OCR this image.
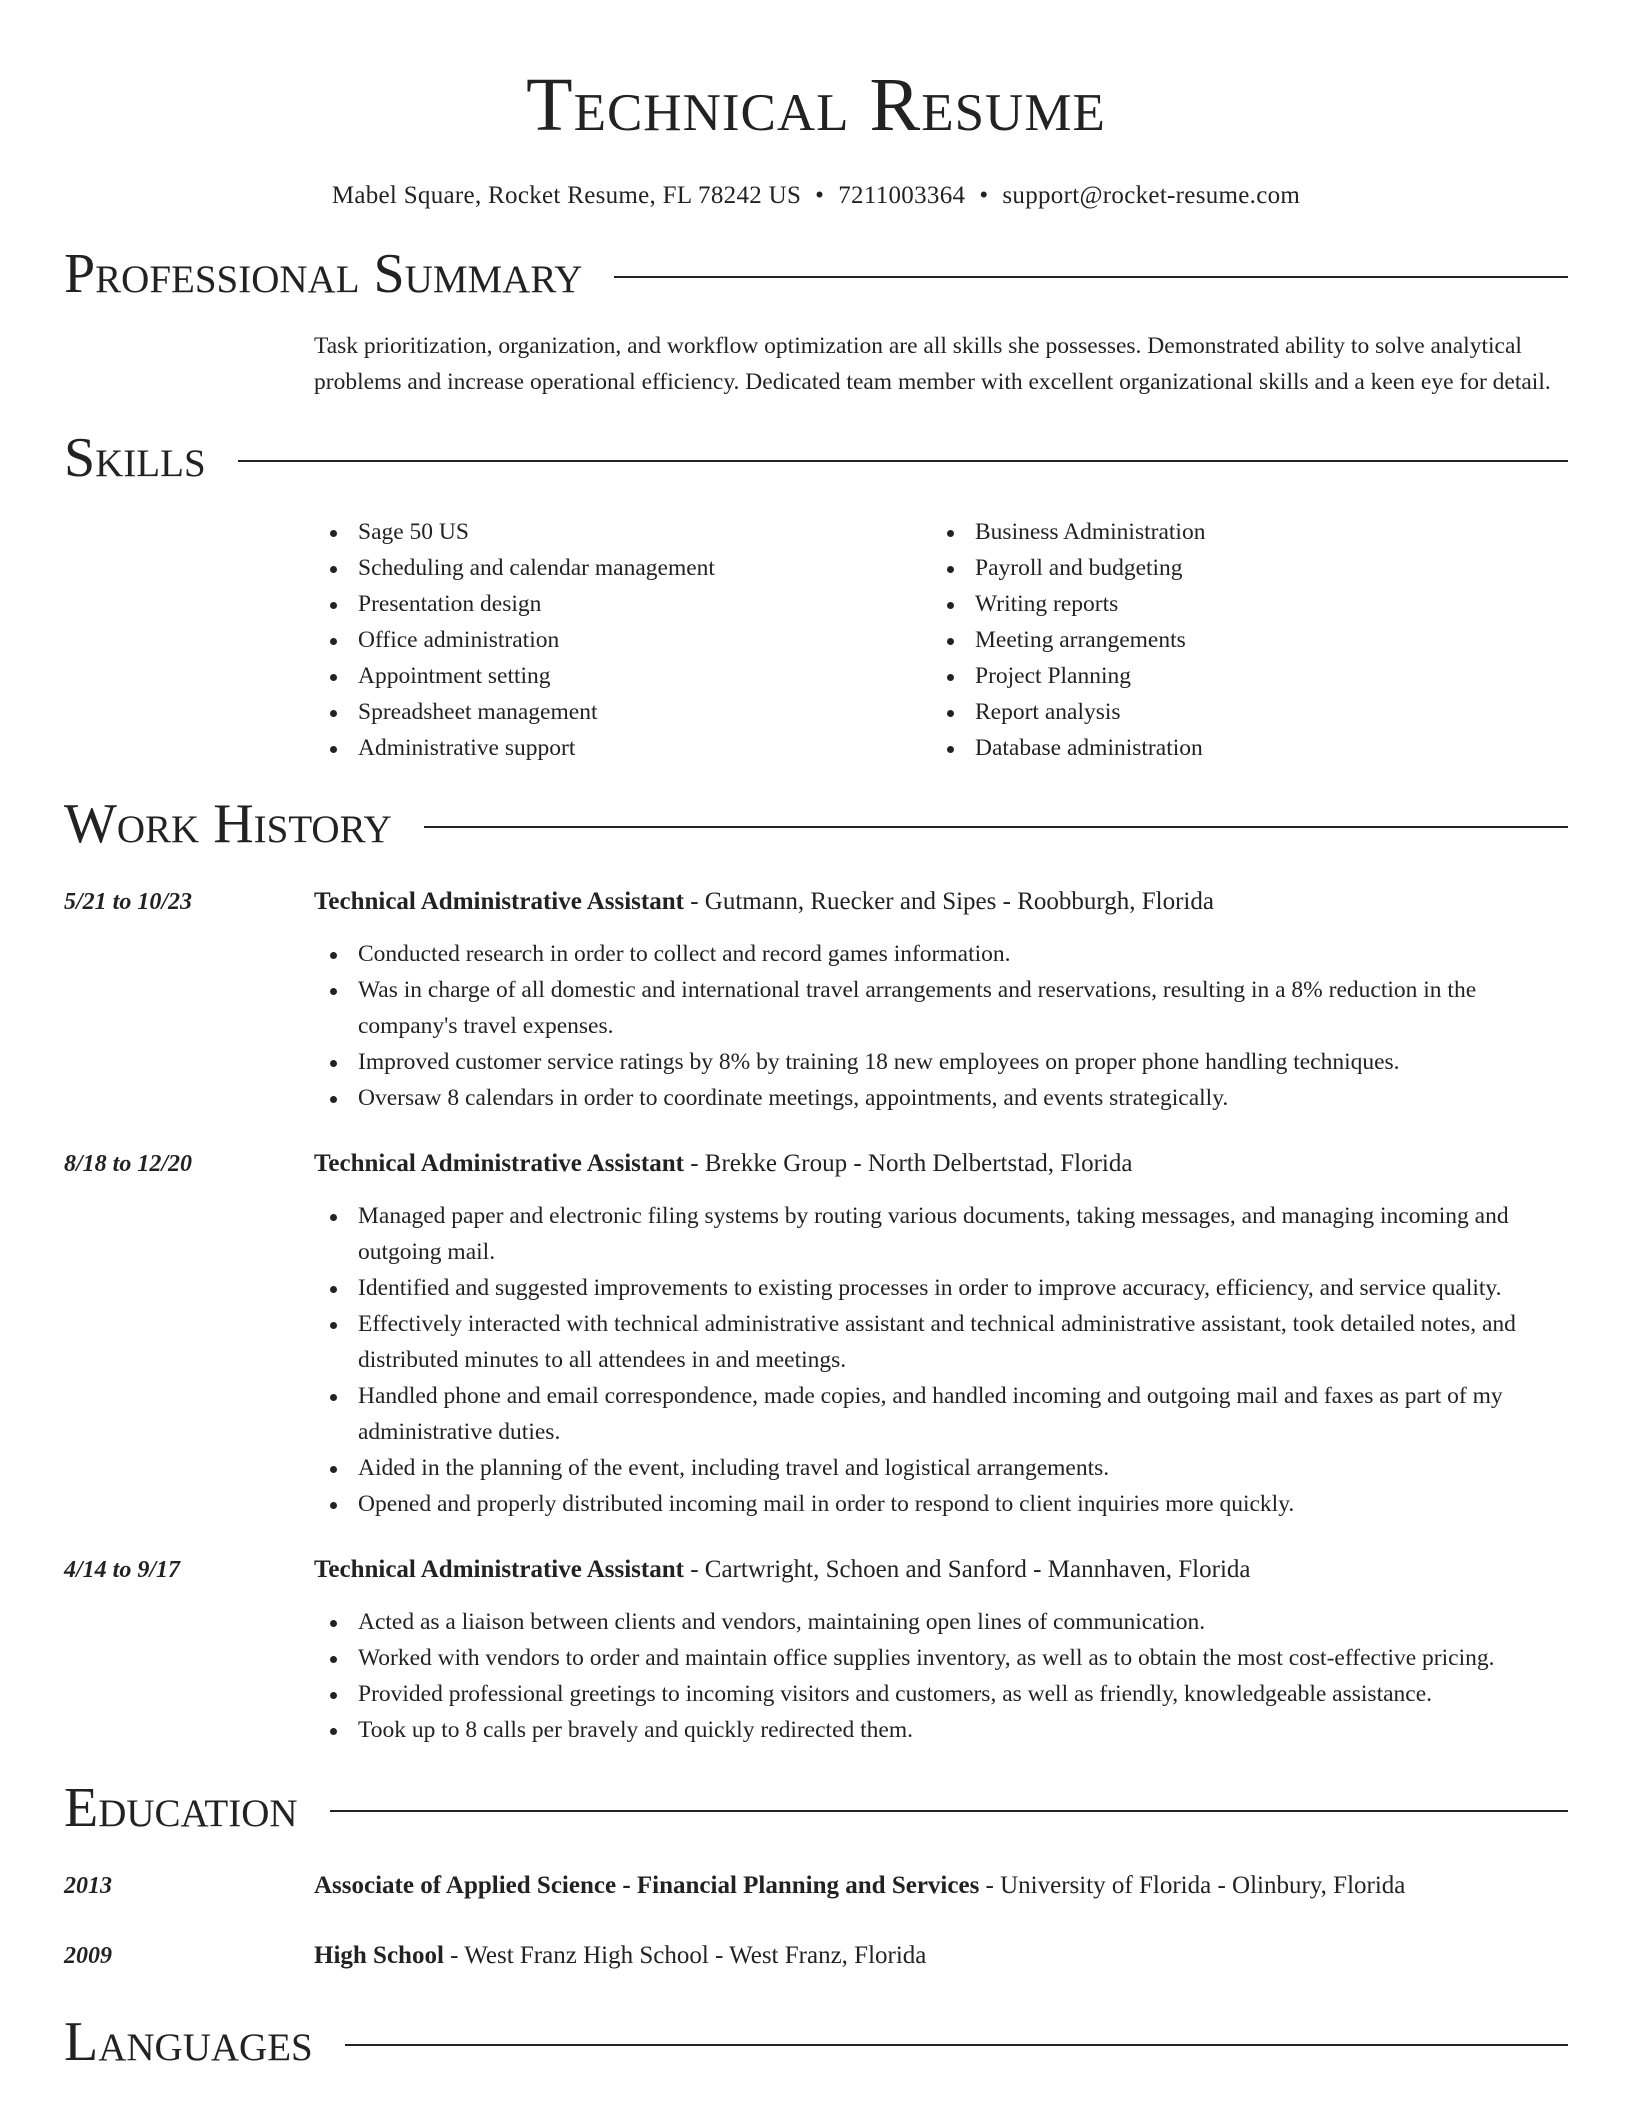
Technical Resume
Mabel Square, Rocket Resume, FL 78242 US • 7211003364 • support@rocket-resume.com
Professional Summary

Task prioritization, organization, and workflow optimization are all skills she possesses. Demonstrated ability to solve analytical problems and increase operational efficiency. Dedicated team member with excellent organizational skills and a keen eye for detail.

Skills
Sage 50 US
Scheduling and calendar management
Presentation design
Office administration
Appointment setting
Spreadsheet management
Administrative support
Business Administration
Payroll and budgeting
Writing reports
Meeting arrangements
Project Planning
Report analysis
Database administration
Work History
5/21 to 10/23	Technical Administrative Assistant - Gutmann, Ruecker and Sipes - Roobburgh, Florida
Conducted research in order to collect and record games information.
Was in charge of all domestic and international travel arrangements and reservations, resulting in a 8% reduction in the company's travel expenses.
Improved customer service ratings by 8% by training 18 new employees on proper phone handling techniques.
Oversaw 8 calendars in order to coordinate meetings, appointments, and events strategically.
8/18 to 12/20	Technical Administrative Assistant - Brekke Group - North Delbertstad, Florida
Managed paper and electronic filing systems by routing various documents, taking messages, and managing incoming and outgoing mail.
Identified and suggested improvements to existing processes in order to improve accuracy, efficiency, and service quality.
Effectively interacted with technical administrative assistant and technical administrative assistant, took detailed notes, and distributed minutes to all attendees in and meetings.
Handled phone and email correspondence, made copies, and handled incoming and outgoing mail and faxes as part of my administrative duties.
Aided in the planning of the event, including travel and logistical arrangements.
Opened and properly distributed incoming mail in order to respond to client inquiries more quickly.
4/14 to 9/17	Technical Administrative Assistant - Cartwright, Schoen and Sanford - Mannhaven, Florida
Acted as a liaison between clients and vendors, maintaining open lines of communication.
Worked with vendors to order and maintain office supplies inventory, as well as to obtain the most cost-effective pricing.
Provided professional greetings to incoming visitors and customers, as well as friendly, knowledgeable assistance.
Took up to 8 calls per bravely and quickly redirected them.
Education
2013	Associate of Applied Science - Financial Planning and Services - University of Florida - Olinbury, Florida
2009	High School - West Franz High School - West Franz, Florida
Languages
